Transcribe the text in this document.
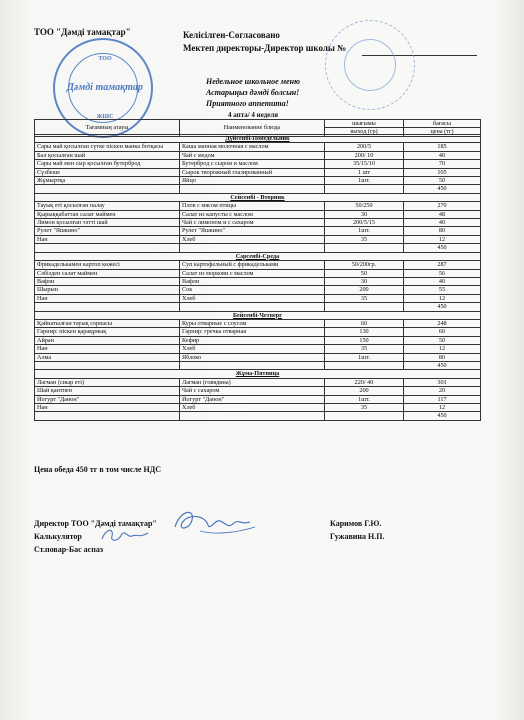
ТОО "Дәмді тамақтар"	Келісілген-Согласовано
Мектеп директоры-Директор школы №
ТОО
Дәмді тамақтар
ЖШС
Недельное школьное меню
Астарыңыз дәмді болсын!
Приятного аппетита!
4 апта/ 4 неделя
Тағамның атауы	Наименование блюда	шығымы	бағасы
		выход (гр)	цена (тг)
Дүйсенбі-Понедельник			
Сары май қосылған сүтке піскен манка ботқасы	Каша манная молочная с маслом	200/5	185
Бал қосылған шай	Чай с медом	200/ 10	40
Сары май мен сыр қосылған бутерброд	Бутерброд с сыром и маслом	35/15/10	70
Сүзбеше	Сырок творожный глазированный	1 шт	105
Жұмыртқа	Яйцо	1шт.	50
			450
Сейсенбі - Вторник			
Тауық еті қосылған палау	Плов с мясом птицы	50/250	270
Қырыққабаттан салат маймен	Салат из капусты с маслом	30	48
Лимон қосылған тәтті шай	Чай с лимоном и с сахаром	200/5/15	40
Рулет "Яшкино"	Рулет "Яшкино"	1шт.	80
Нан	Хлеб	35	12
			450
Сәрсенбі-Среда			
Фрикаделькамен картоп көжесі	Суп картофельный с фрикадельками	50/200гр.	287
Сәбізден салат маймен	Салат из моркови с маслом	50	56
Вафли	Вафли	30	40
Шырын	Сок	200	55
Нан	Хлеб	35	12
			450
Бейсенбі-Четверг			
Қайнатылған тауық сорпасы	Куры отварные с соусом	60	248
Гарнир: піскен қарақұмық	Гарнир: гречка отварная	130	60
Айран	Кефир	150	50
Нан	Хлеб	35	12
Алма	Яблоко	1шт.	80
			450
Жұма-Пятница			
Лагман (сиыр еті)	Лагман (говядина)	220/ 40	301
Шай қантпен	Чай с сахаром	200	20
Йогурт "Данон"	Йогурт "Данон"	1шт.	117
Нан	Хлеб	35	12
			450
Цена обеда 450 тг в том числе НДС
Директор ТОО "Дәмді тамақтар"	Каримов Г.Ю.
Калькулятор	Гужавина Н.П.
Ст.повар-Бас аспаз
